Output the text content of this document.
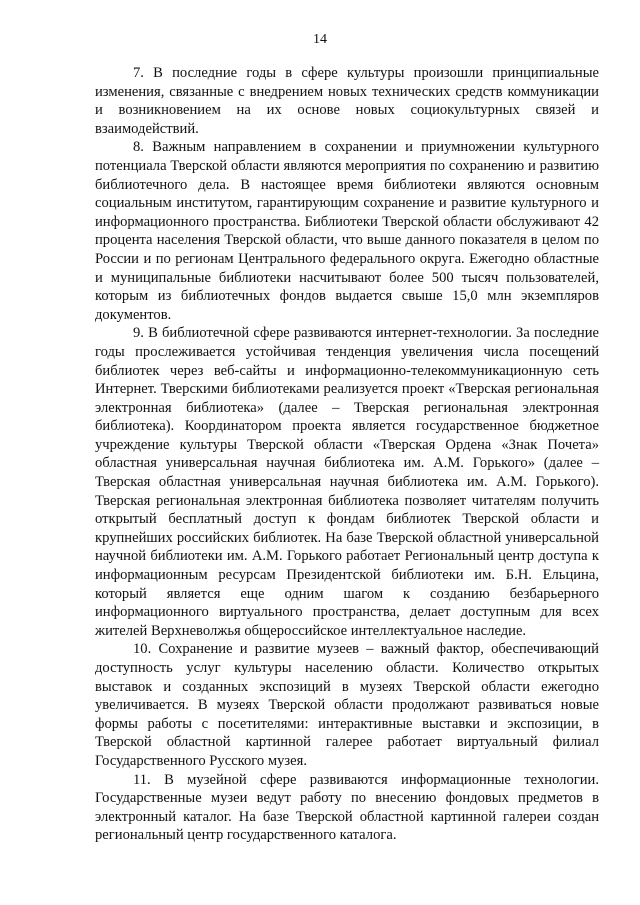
14

7. В последние годы в сфере культуры произошли принципиальные изменения, связанные с внедрением новых технических средств коммуникации и возникновением на их основе новых социокультурных связей и взаимодействий.

8. Важным направлением в сохранении и приумножении культурного потенциала Тверской области являются мероприятия по сохранению и развитию библиотечного дела. В настоящее время библиотеки являются основным социальным институтом, гарантирующим сохранение и развитие культурного и информационного пространства. Библиотеки Тверской области обслуживают 42 процента населения Тверской области, что выше данного показателя в целом по России и по регионам Центрального федерального округа. Ежегодно областные и муниципальные библиотеки насчитывают более 500 тысяч пользователей, которым из библиотечных фондов выдается свыше 15,0 млн экземпляров документов.

9. В библиотечной сфере развиваются интернет-технологии. За последние годы прослеживается устойчивая тенденция увеличения числа посещений библиотек через веб-сайты и информационно-телекоммуникационную сеть Интернет. Тверскими библиотеками реализуется проект «Тверская региональная электронная библиотека» (далее – Тверская региональная электронная библиотека). Координатором проекта является государственное бюджетное учреждение культуры Тверской области «Тверская Ордена «Знак Почета» областная универсальная научная библиотека им. А.М. Горького» (далее – Тверская областная универсальная научная библиотека им. А.М. Горького). Тверская региональная электронная библиотека позволяет читателям получить открытый бесплатный доступ к фондам библиотек Тверской области и крупнейших российских библиотек. На базе Тверской областной универсальной научной библиотеки им. А.М. Горького работает Региональный центр доступа к информационным ресурсам Президентской библиотеки им. Б.Н. Ельцина, который является еще одним шагом к созданию безбарьерного информационного виртуального пространства, делает доступным для всех жителей Верхневолжья общероссийское интеллектуальное наследие.

10. Сохранение и развитие музеев – важный фактор, обеспечивающий доступность услуг культуры населению области. Количество открытых выставок и созданных экспозиций в музеях Тверской области ежегодно увеличивается. В музеях Тверской области продолжают развиваться новые формы работы с посетителями: интерактивные выставки и экспозиции, в Тверской областной картинной галерее работает виртуальный филиал Государственного Русского музея.

11. В музейной сфере развиваются информационные технологии. Государственные музеи ведут работу по внесению фондовых предметов в электронный каталог. На базе Тверской областной картинной галереи создан региональный центр государственного каталога.
